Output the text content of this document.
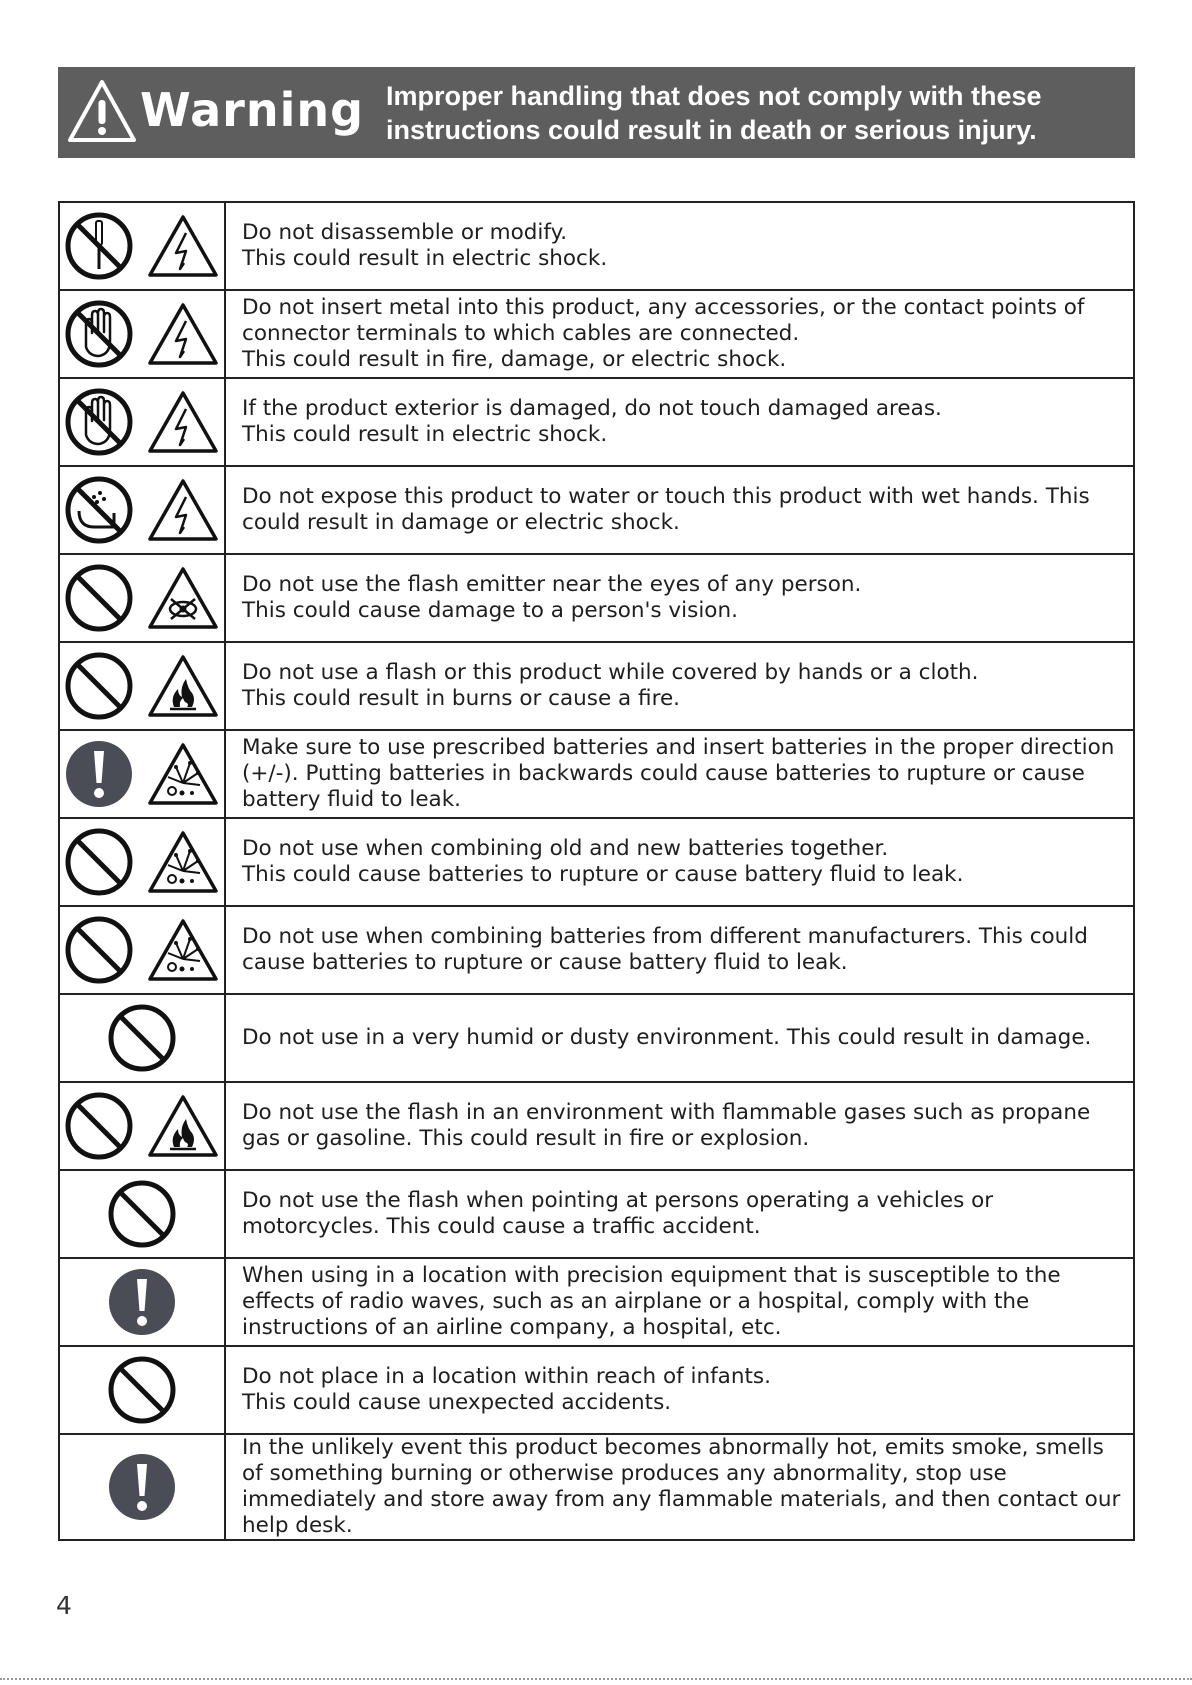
Warning Improper handling that does not comply with these instructions could result in death or serious injury.

Do not disassemble or modify.
This could result in electric shock.

Do not insert metal into this product, any accessories, or the contact points of connector terminals to which cables are connected.
This could result in fire, damage, or electric shock.

If the product exterior is damaged, do not touch damaged areas.
This could result in electric shock.

Do not expose this product to water or touch this product with wet hands. This could result in damage or electric shock.

Do not use the flash emitter near the eyes of any person.
This could cause damage to a person's vision.

Do not use a flash or this product while covered by hands or a cloth.
This could result in burns or cause a fire.

Make sure to use prescribed batteries and insert batteries in the proper direction (+/-). Putting batteries in backwards could cause batteries to rupture or cause battery fluid to leak.

Do not use when combining old and new batteries together.
This could cause batteries to rupture or cause battery fluid to leak.

Do not use when combining batteries from different manufacturers. This could cause batteries to rupture or cause battery fluid to leak.

Do not use in a very humid or dusty environment. This could result in damage.

Do not use the flash in an environment with flammable gases such as propane gas or gasoline. This could result in fire or explosion.

Do not use the flash when pointing at persons operating a vehicles or motorcycles. This could cause a traffic accident.

When using in a location with precision equipment that is susceptible to the effects of radio waves, such as an airplane or a hospital, comply with the instructions of an airline company, a hospital, etc.

Do not place in a location within reach of infants.
This could cause unexpected accidents.

In the unlikely event this product becomes abnormally hot, emits smoke, smells of something burning or otherwise produces any abnormality, stop use immediately and store away from any flammable materials, and then contact our help desk.
4
